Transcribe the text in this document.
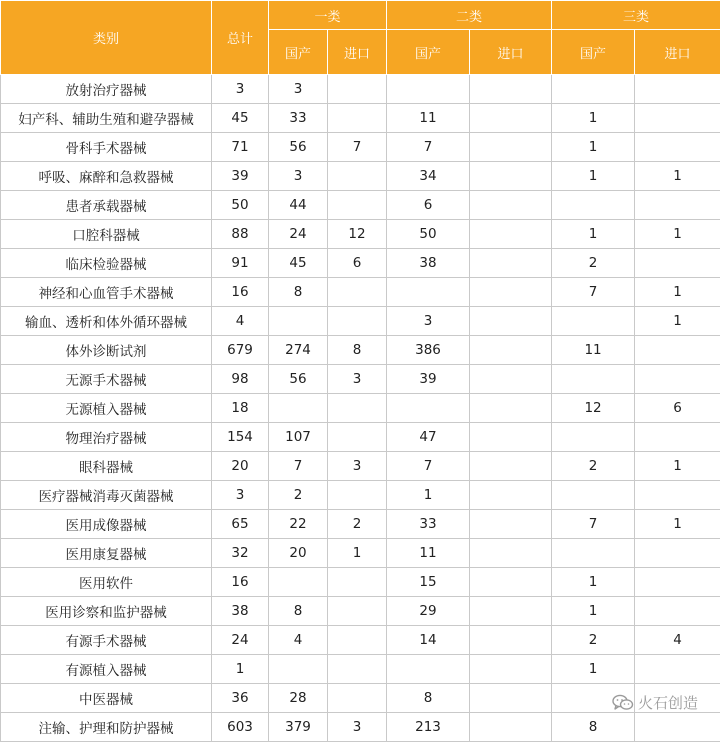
类别	总计	一类		二类		三类	
		国产	进口	国产	进口	国产	进口
放射治疗器械	3	3					
妇产科、辅助生殖和避孕器械	45	33		11		1	
骨科手术器械	71	56	7	7		1	
呼吸、麻醉和急救器械	39	3		34		1	1
患者承载器械	50	44		6			
口腔科器械	88	24	12	50		1	1
临床检验器械	91	45	6	38		2	
神经和心血管手术器械	16	8				7	1
输血、透析和体外循环器械	4			3			1
体外诊断试剂	679	274	8	386		11	
无源手术器械	98	56	3	39			
无源植入器械	18					12	6
物理治疗器械	154	107		47			
眼科器械	20	7	3	7		2	1
医疗器械消毒灭菌器械	3	2		1			
医用成像器械	65	22	2	33		7	1
医用康复器械	32	20	1	11			
医用软件	16			15		1	
医用诊察和监护器械	38	8		29		1	
有源手术器械	24	4		14		2	4
有源植入器械	1					1	
中医器械	36	28		8			
注输、护理和防护器械	603	379	3	213		8	
火石创造
